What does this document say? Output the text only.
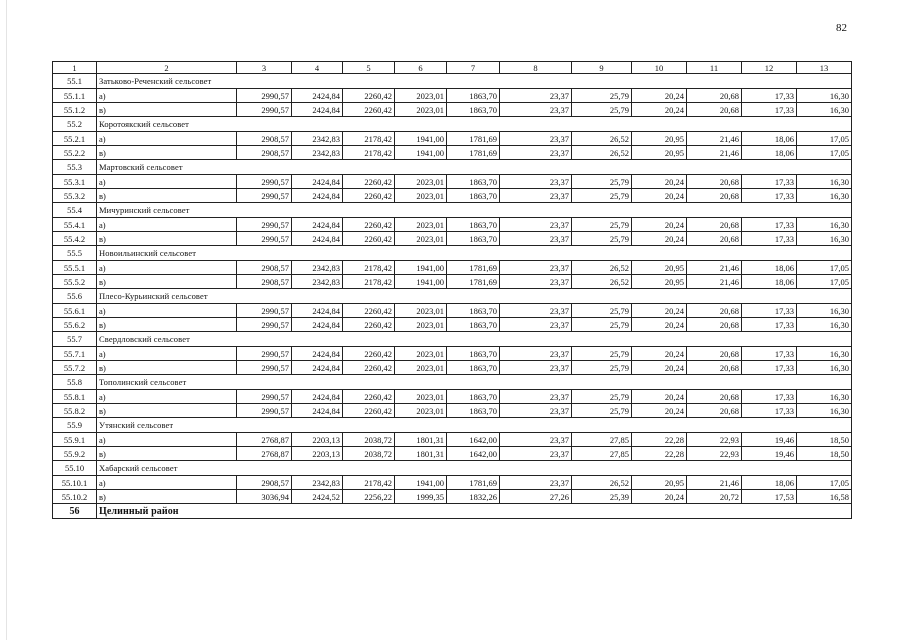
82
1	2	3	4	5	6	7	8	9	10	11	12	13
55.1	Затьково-Реченский сельсовет											
55.1.1	а)	2990,57	2424,84	2260,42	2023,01	1863,70	23,37	25,79	20,24	20,68	17,33	16,30
55.1.2	в)	2990,57	2424,84	2260,42	2023,01	1863,70	23,37	25,79	20,24	20,68	17,33	16,30
55.2	Коротоякский сельсовет											
55.2.1	а)	2908,57	2342,83	2178,42	1941,00	1781,69	23,37	26,52	20,95	21,46	18,06	17,05
55.2.2	в)	2908,57	2342,83	2178,42	1941,00	1781,69	23,37	26,52	20,95	21,46	18,06	17,05
55.3	Мартовский сельсовет											
55.3.1	а)	2990,57	2424,84	2260,42	2023,01	1863,70	23,37	25,79	20,24	20,68	17,33	16,30
55.3.2	в)	2990,57	2424,84	2260,42	2023,01	1863,70	23,37	25,79	20,24	20,68	17,33	16,30
55.4	Мичуринский сельсовет											
55.4.1	а)	2990,57	2424,84	2260,42	2023,01	1863,70	23,37	25,79	20,24	20,68	17,33	16,30
55.4.2	в)	2990,57	2424,84	2260,42	2023,01	1863,70	23,37	25,79	20,24	20,68	17,33	16,30
55.5	Новоильинский сельсовет											
55.5.1	а)	2908,57	2342,83	2178,42	1941,00	1781,69	23,37	26,52	20,95	21,46	18,06	17,05
55.5.2	в)	2908,57	2342,83	2178,42	1941,00	1781,69	23,37	26,52	20,95	21,46	18,06	17,05
55.6	Плесо-Курьинский сельсовет											
55.6.1	а)	2990,57	2424,84	2260,42	2023,01	1863,70	23,37	25,79	20,24	20,68	17,33	16,30
55.6.2	в)	2990,57	2424,84	2260,42	2023,01	1863,70	23,37	25,79	20,24	20,68	17,33	16,30
55.7	Свердловский сельсовет											
55.7.1	а)	2990,57	2424,84	2260,42	2023,01	1863,70	23,37	25,79	20,24	20,68	17,33	16,30
55.7.2	в)	2990,57	2424,84	2260,42	2023,01	1863,70	23,37	25,79	20,24	20,68	17,33	16,30
55.8	Тополинский сельсовет											
55.8.1	а)	2990,57	2424,84	2260,42	2023,01	1863,70	23,37	25,79	20,24	20,68	17,33	16,30
55.8.2	в)	2990,57	2424,84	2260,42	2023,01	1863,70	23,37	25,79	20,24	20,68	17,33	16,30
55.9	Утянский сельсовет											
55.9.1	а)	2768,87	2203,13	2038,72	1801,31	1642,00	23,37	27,85	22,28	22,93	19,46	18,50
55.9.2	в)	2768,87	2203,13	2038,72	1801,31	1642,00	23,37	27,85	22,28	22,93	19,46	18,50
55.10	Хабарский сельсовет											
55.10.1	а)	2908,57	2342,83	2178,42	1941,00	1781,69	23,37	26,52	20,95	21,46	18,06	17,05
55.10.2	в)	3036,94	2424,52	2256,22	1999,35	1832,26	27,26	25,39	20,24	20,72	17,53	16,58
56	Целинный район											
